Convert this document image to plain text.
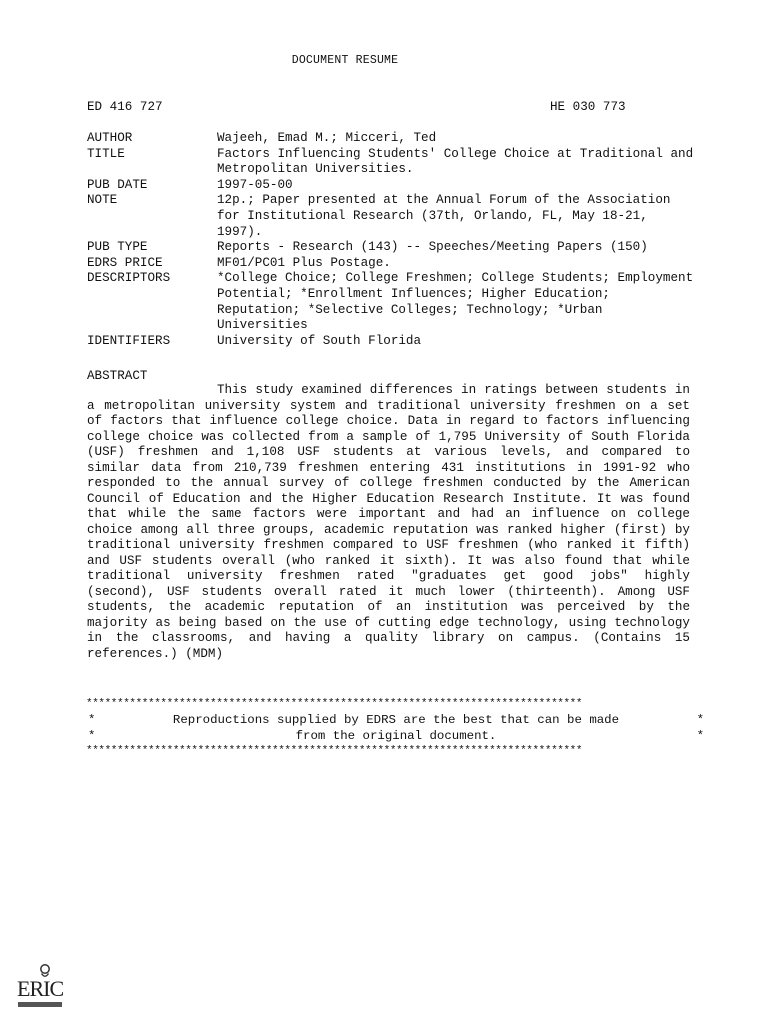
DOCUMENT RESUME
ED 416 727	HE 030 773
AUTHOR	Wajeeh, Emad M.; Micceri, Ted
TITLE	Factors Influencing Students' College Choice at Traditional and Metropolitan Universities.
PUB DATE	1997-05-00
NOTE	12p.; Paper presented at the Annual Forum of the Association for Institutional Research (37th, Orlando, FL, May 18-21, 1997).
PUB TYPE	Reports - Research (143) -- Speeches/Meeting Papers (150)
EDRS PRICE	MF01/PC01 Plus Postage.
DESCRIPTORS	*College Choice; College Freshmen; College Students; Employment Potential; *Enrollment Influences; Higher Education; Reputation; *Selective Colleges; Technology; *Urban Universities
IDENTIFIERS	University of South Florida
ABSTRACT
This study examined differences in ratings between students in a metropolitan university system and traditional university freshmen on a set of factors that influence college choice. Data in regard to factors influencing college choice was collected from a sample of 1,795 University of South Florida (USF) freshmen and 1,108 USF students at various levels, and compared to similar data from 210,739 freshmen entering 431 institutions in 1991-92 who responded to the annual survey of college freshmen conducted by the American Council of Education and the Higher Education Research Institute. It was found that while the same factors were important and had an influence on college choice among all three groups, academic reputation was ranked higher (first) by traditional university freshmen compared to USF freshmen (who ranked it fifth) and USF students overall (who ranked it sixth). It was also found that while traditional university freshmen rated "graduates get good jobs" highly (second), USF students overall rated it much lower (thirteenth). Among USF students, the academic reputation of an institution was perceived by the majority as being based on the use of cutting edge technology, using technology in the classrooms, and having a quality library on campus. (Contains 15 references.) (MDM)
********************************************************************************
*	Reproductions supplied by EDRS are the best that can be made	*
*	from the original document.	*
********************************************************************************
ERIC
